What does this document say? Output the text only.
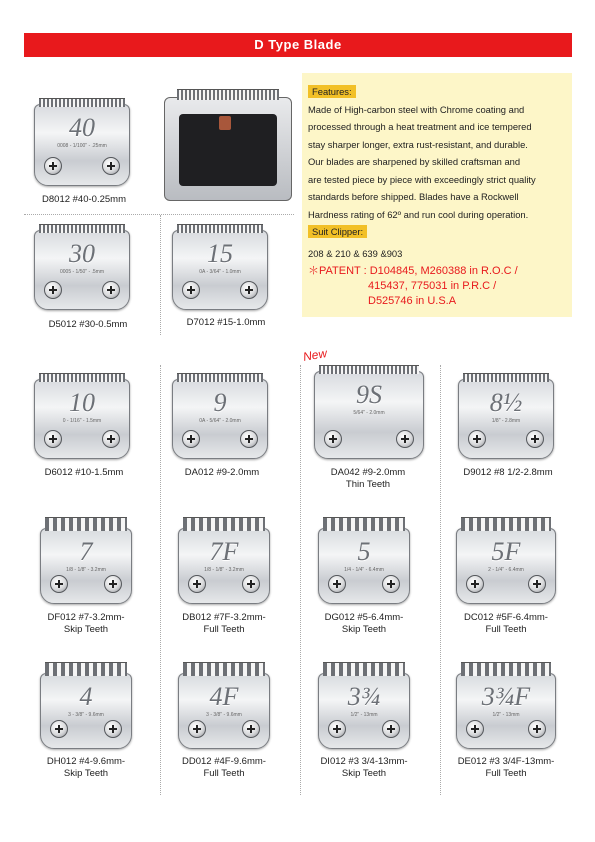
D Type Blade
Features:
Made of High-carbon steel with Chrome coating and
processed through a heat treatment and ice tempered
stay sharper longer, extra rust-resistant, and durable.
Our blades are sharpened by skilled craftsman and
are tested piece by piece with exceedingly strict quality
standards before shipped. Blades have a Rockwell
Hardness rating of 62º and run cool during operation.
Suit Clipper:
208 & 210 & 639 &903
＊PATENT : D104845, M260388 in R.O.C /
415437, 775031 in P.R.C /
D525746 in U.S.A
40
0008 - 1/100" - .25mm
D8012 #40-0.25mm
30
0005 - 1/50" - .5mm
D5012 #30-0.5mm
15
0A - 3/64" - 1.0mm
D7012 #15-1.0mm
New
10
0 - 1/16" - 1.5mm
D6012 #10-1.5mm
9
0A - 5/64" - 2.0mm
DA012 #9-2.0mm
9S
5/64" - 2.0mm
DA042 #9-2.0mm
Thin Teeth
8½
1/8" - 2.8mm
D9012 #8 1/2-2.8mm
7
1/8 - 1/8" - 3.2mm
DF012 #7-3.2mm-
Skip Teeth
7F
1/8 - 1/8" - 3.2mm
DB012 #7F-3.2mm-
Full Teeth
5
1/4 - 1/4" - 6.4mm
DG012 #5-6.4mm-
Skip Teeth
5F
2 - 1/4" - 6.4mm
DC012 #5F-6.4mm-
Full Teeth
4
3 - 3/8" - 9.6mm
DH012 #4-9.6mm-
Skip Teeth
4F
3 - 3/8" - 9.6mm
DD012 #4F-9.6mm-
Full Teeth
3¾
1/2" - 13mm
DI012 #3 3/4-13mm-
Skip Teeth
3¾F
1/2" - 13mm
DE012 #3 3/4F-13mm-
Full Teeth
